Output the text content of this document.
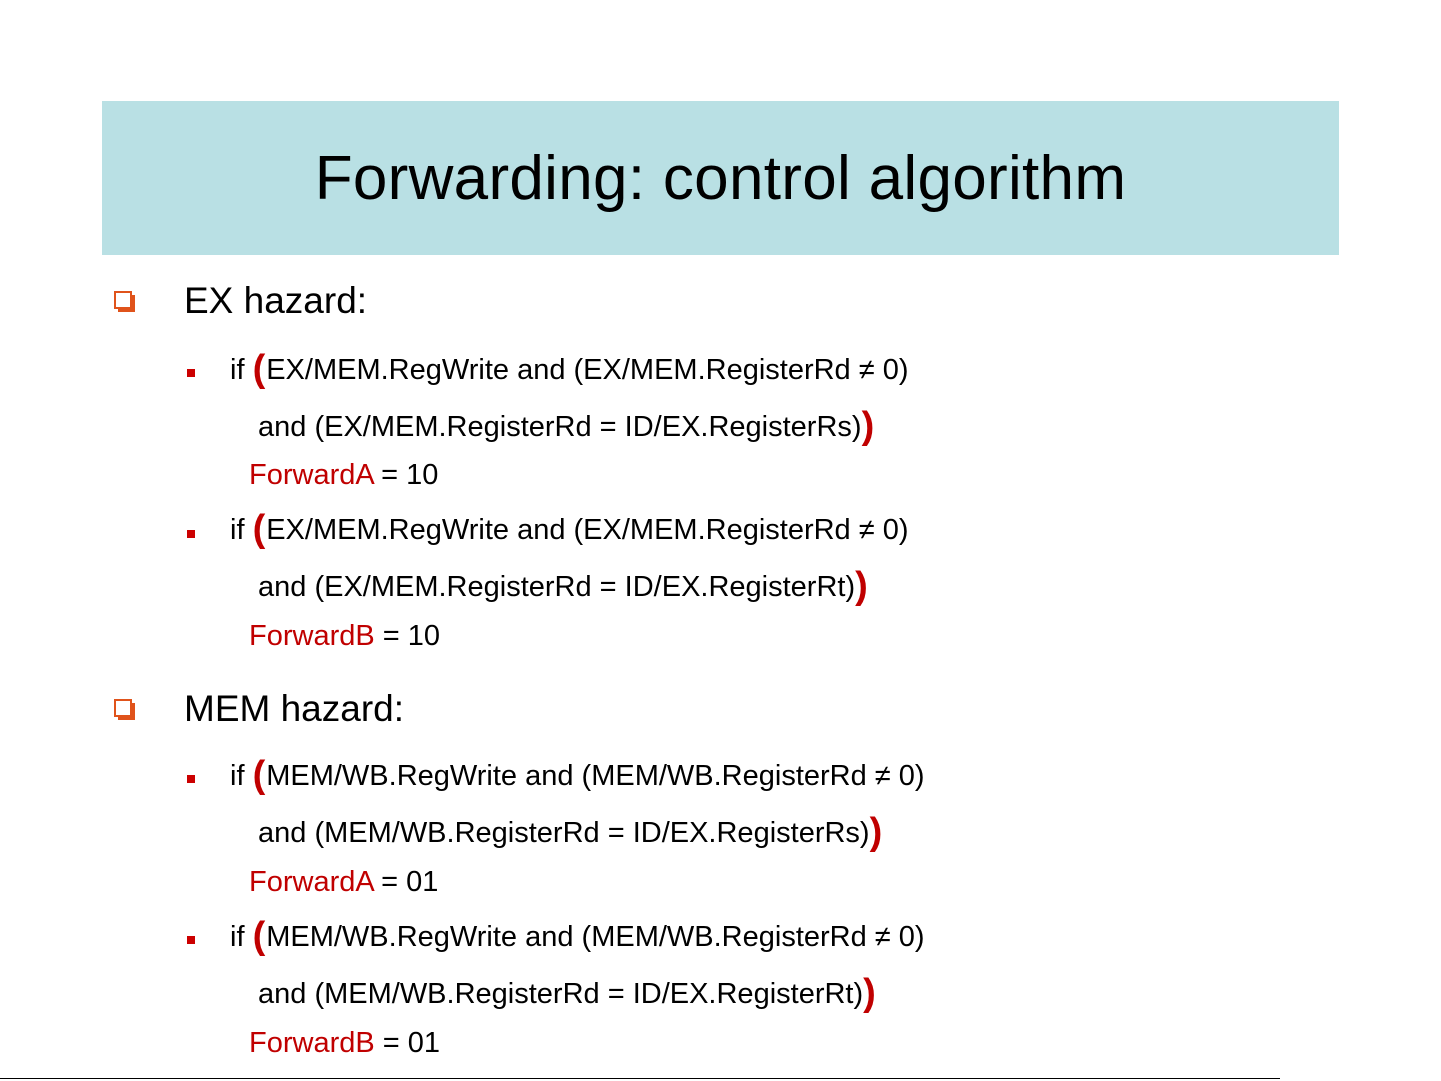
Forwarding: control algorithm
EX hazard:
if (EX/MEM.RegWrite and (EX/MEM.RegisterRd ≠ 0)
and (EX/MEM.RegisterRd = ID/EX.RegisterRs))
ForwardA = 10
if (EX/MEM.RegWrite and (EX/MEM.RegisterRd ≠ 0)
and (EX/MEM.RegisterRd = ID/EX.RegisterRt))
ForwardB = 10
MEM hazard:
if (MEM/WB.RegWrite and (MEM/WB.RegisterRd ≠ 0)
and (MEM/WB.RegisterRd = ID/EX.RegisterRs))
ForwardA = 01
if (MEM/WB.RegWrite and (MEM/WB.RegisterRd ≠ 0)
and (MEM/WB.RegisterRd = ID/EX.RegisterRt))
ForwardB = 01
